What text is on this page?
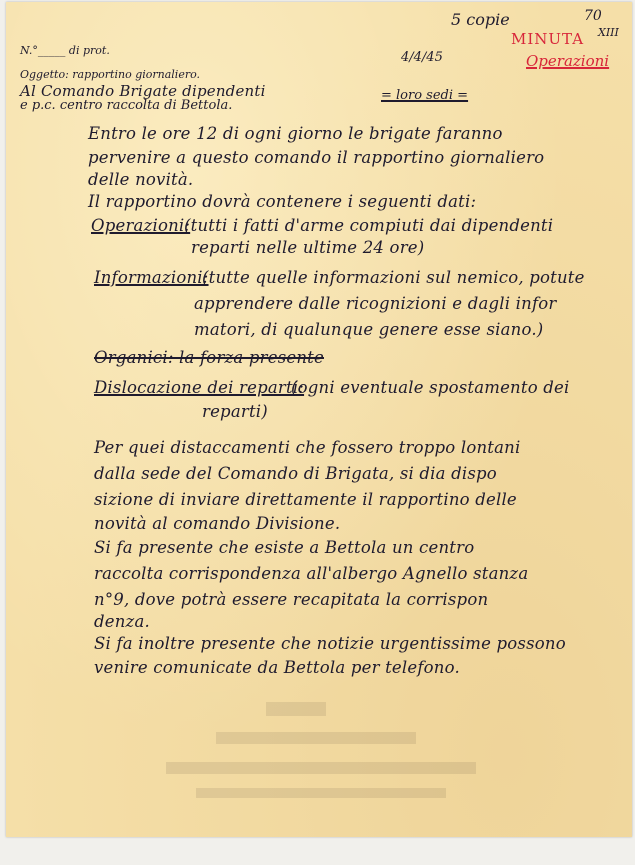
5 copie	70
XIII
MINUTA
Operazioni
N.°_____ di prot.	4/4/45
Oggetto: rapportino giornaliero.
Al Comando Brigate dipendenti	= loro sedi =
e p.c. centro raccolta di Bettola.
Entro le ore 12 di ogni giorno le brigate faranno
pervenire a questo comando il rapportino giornaliero
delle novità.
Il rapportino dovrà contenere i seguenti dati:
Operazioni:
(tutti i fatti d'arme compiuti dai dipendenti
reparti nelle ultime 24 ore)
Informazioni:
(tutte quelle informazioni sul nemico, potute
apprendere dalle ricognizioni e dagli infor
matori, di qualunque genere esse siano.)
Organici: la forza presente
Dislocazione dei reparti:
(ogni eventuale spostamento dei
reparti)
Per quei distaccamenti che fossero troppo lontani
dalla sede del Comando di Brigata, si dia dispo
sizione di inviare direttamente il rapportino delle
novità al comando Divisione.
Si fa presente che esiste a Bettola un centro
raccolta corrispondenza all'albergo Agnello stanza
n°9, dove potrà essere recapitata la corrispon
denza.
Si fa inoltre presente che notizie urgentissime possono
venire comunicate da Bettola per telefono.
